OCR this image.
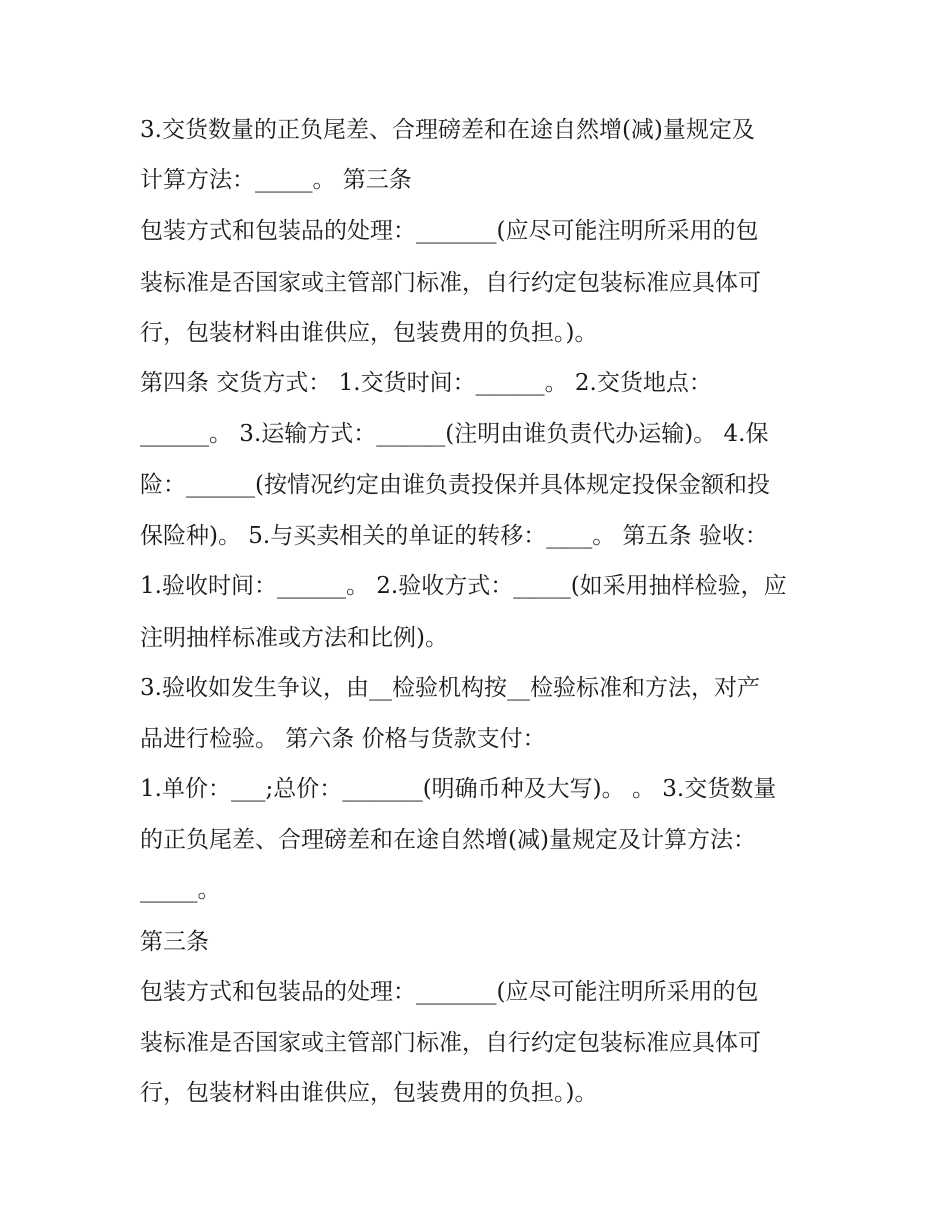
3.交货数量的正负尾差、合理磅差和在途自然增(减)量规定及

计算方法：_____。 第三条

包装方式和包装品的处理：_______(应尽可能注明所采用的包

装标准是否国家或主管部门标准，自行约定包装标准应具体可

行，包装材料由谁供应，包装费用的负担。)。

第四条 交货方式： 1.交货时间：______。 2.交货地点：

______。 3.运输方式：______(注明由谁负责代办运输)。 4.保

险：______(按情况约定由谁负责投保并具体规定投保金额和投

保险种)。 5.与买卖相关的单证的转移：____。 第五条 验收：

1.验收时间：______。 2.验收方式：_____(如采用抽样检验，应

注明抽样标准或方法和比例)。

3.验收如发生争议，由__检验机构按__检验标准和方法，对产

品进行检验。 第六条 价格与货款支付：

1.单价：___;总价：_______(明确币种及大写)。 。 3.交货数量

的正负尾差、合理磅差和在途自然增(减)量规定及计算方法：

_____。

第三条

包装方式和包装品的处理：_______(应尽可能注明所采用的包

装标准是否国家或主管部门标准，自行约定包装标准应具体可

行，包装材料由谁供应，包装费用的负担。)。
